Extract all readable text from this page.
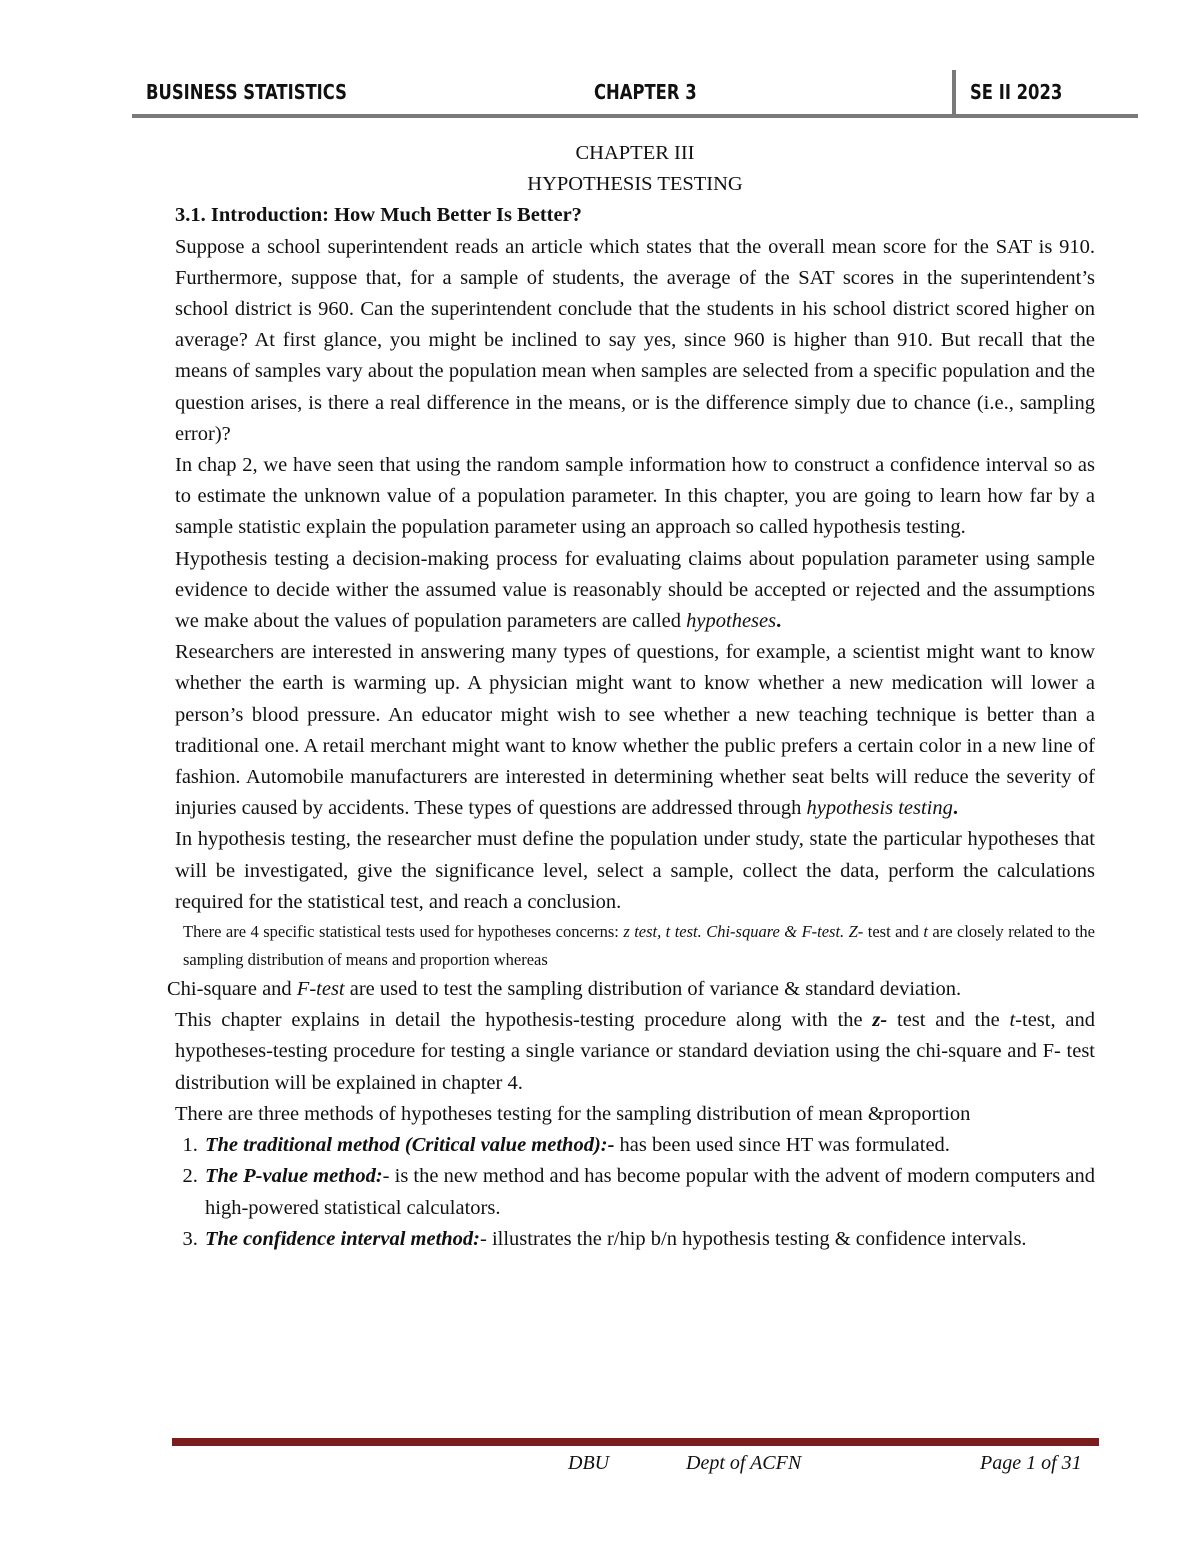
BUSINESS STATISTICS	CHAPTER 3	SE II 2023
CHAPTER III
HYPOTHESIS TESTING
3.1. Introduction: How Much Better Is Better?

Suppose a school superintendent reads an article which states that the overall mean score for the SAT is 910. Furthermore, suppose that, for a sample of students, the average of the SAT scores in the superintendent’s school district is 960. Can the superintendent conclude that the students in his school district scored higher on average? At first glance, you might be inclined to say yes, since 960 is higher than 910. But recall that the means of samples vary about the population mean when samples are selected from a specific population and the question arises, is there a real difference in the means, or is the difference simply due to chance (i.e., sampling error)?

In chap 2, we have seen that using the random sample information how to construct a confidence interval so as to estimate the unknown value of a population parameter. In this chapter, you are going to learn how far by a sample statistic explain the population parameter using an approach so called hypothesis testing.

Hypothesis testing a decision-making process for evaluating claims about population parameter using sample evidence to decide wither the assumed value is reasonably should be accepted or rejected and the assumptions we make about the values of population parameters are called hypotheses.

Researchers are interested in answering many types of questions, for example, a scientist might want to know whether the earth is warming up. A physician might want to know whether a new medication will lower a person’s blood pressure. An educator might wish to see whether a new teaching technique is better than a traditional one. A retail merchant might want to know whether the public prefers a certain color in a new line of fashion. Automobile manufacturers are interested in determining whether seat belts will reduce the severity of injuries caused by accidents. These types of questions are addressed through hypothesis testing.

In hypothesis testing, the researcher must define the population under study, state the particular hypotheses that will be investigated, give the significance level, select a sample, collect the data, perform the calculations required for the statistical test, and reach a conclusion.

There are 4 specific statistical tests used for hypotheses concerns: z test, t test. Chi-square & F-test. Z- test and t are closely related to the sampling distribution of means and proportion whereas

Chi-square and F-test are used to test the sampling distribution of variance & standard deviation.

This chapter explains in detail the hypothesis-testing procedure along with the z- test and the t-test, and hypotheses-testing procedure for testing a single variance or standard deviation using the chi-square and F- test distribution will be explained in chapter 4.

There are three methods of hypotheses testing for the sampling distribution of mean &proportion

1. The traditional method (Critical value method):- has been used since HT was formulated.
2. The P-value method:- is the new method and has become popular with the advent of modern computers and high-powered statistical calculators.
3. The confidence interval method:- illustrates the r/hip b/n hypothesis testing & confidence intervals.
DBU	Dept of ACFN	Page 1 of 31
